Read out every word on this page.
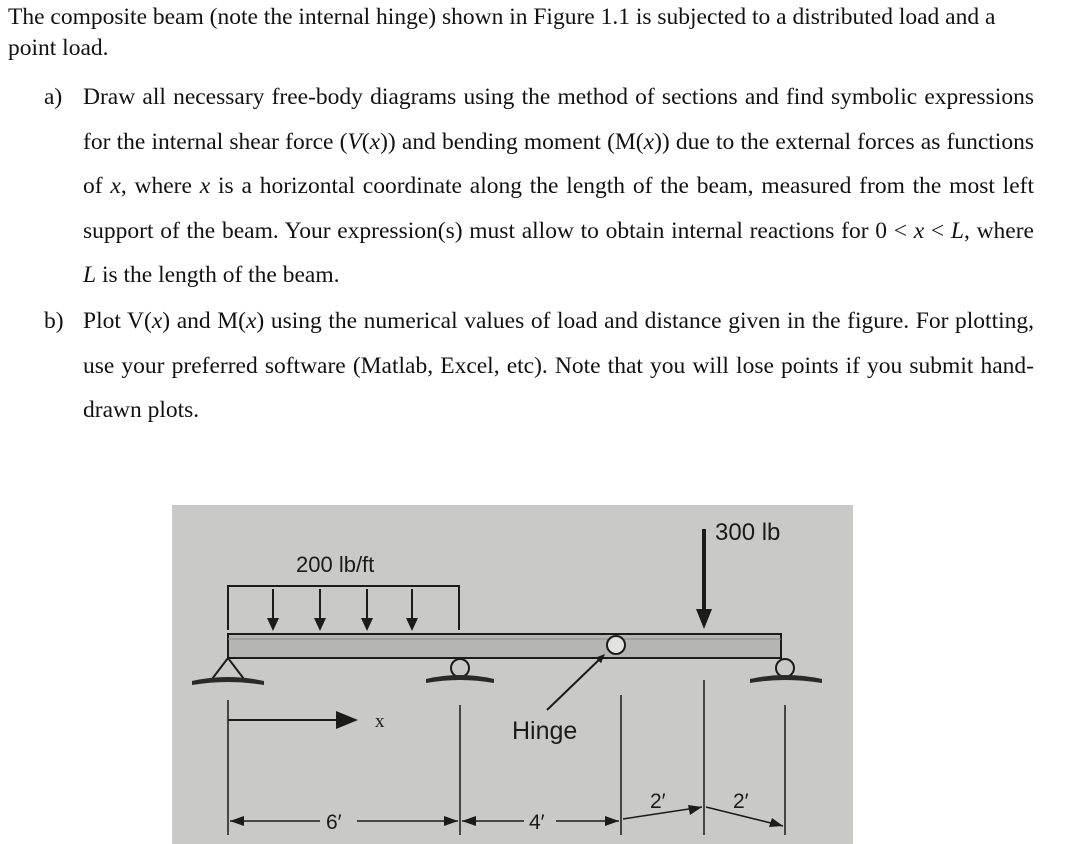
The composite beam (note the internal hinge) shown in Figure 1.1 is subjected to a distributed load and a point load.
a) Draw all necessary free-body diagrams using the method of sections and find symbolic expressions for the internal shear force (V(x)) and bending moment (M(x)) due to the external forces as functions of x, where x is a horizontal coordinate along the length of the beam, measured from the most left support of the beam. Your expression(s) must allow to obtain internal reactions for 0 < x < L, where L is the length of the beam.
b) Plot V(x) and M(x) using the numerical values of load and distance given in the figure. For plotting, use your preferred software (Matlab, Excel, etc). Note that you will lose points if you submit hand-drawn plots.
200 lb/ft
300 lb
Hinge
x
6′	4′
2′	2′
